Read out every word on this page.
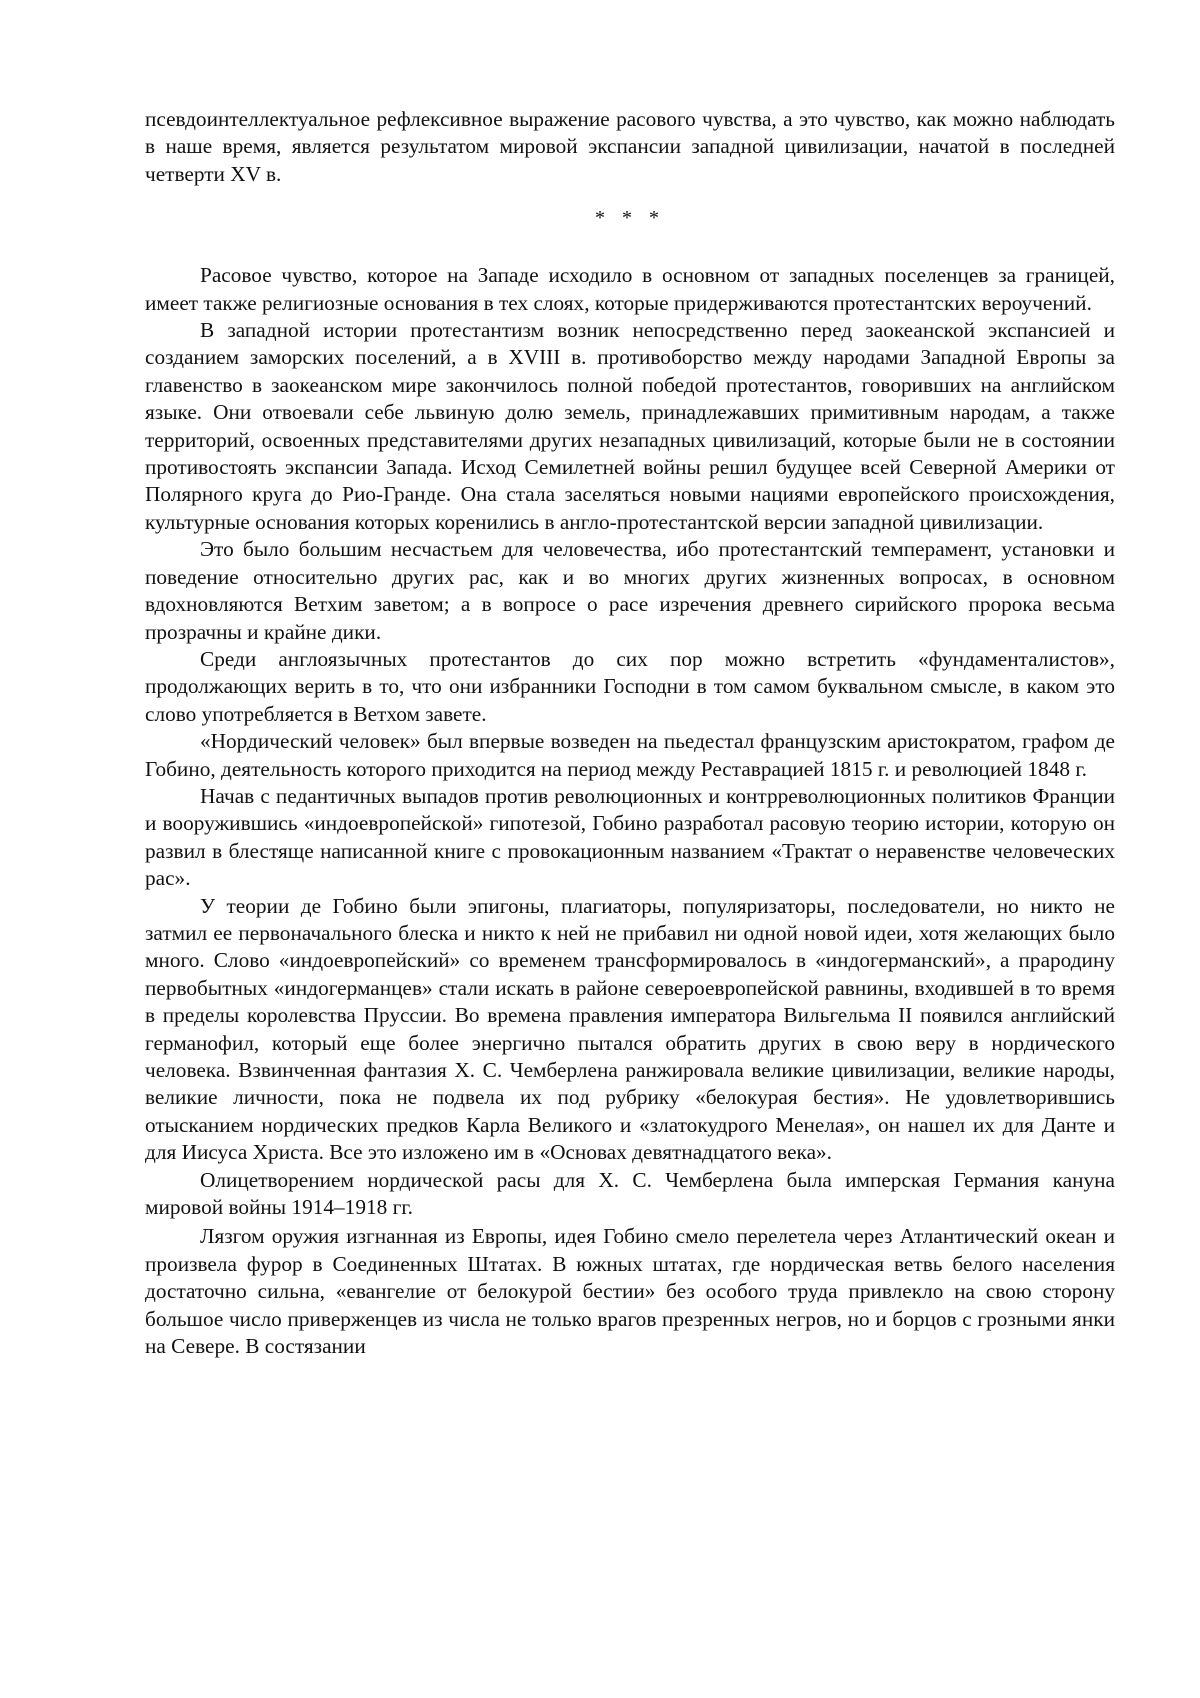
псевдоинтеллектуальное рефлексивное выражение расового чувства, а это чувство, как можно наблюдать в наше время, является результатом мировой экспансии западной цивилизации, начатой в последней четверти XV в.

* * *

Расовое чувство, которое на Западе исходило в основном от западных поселенцев за границей, имеет также религиозные основания в тех слоях, которые придерживаются протестантских вероучений.

В западной истории протестантизм возник непосредственно перед заокеанской экспансией и созданием заморских поселений, а в XVIII в. противоборство между народами Западной Европы за главенство в заокеанском мире закончилось полной победой протестантов, говоривших на английском языке. Они отвоевали себе львиную долю земель, принадлежавших примитивным народам, а также территорий, освоенных представителями других незападных цивилизаций, которые были не в состоянии противостоять экспансии Запада. Исход Семилетней войны решил будущее всей Северной Америки от Полярного круга до Рио-Гранде. Она стала заселяться новыми нациями европейского происхождения, культурные основания которых коренились в англо-протестантской версии западной цивилизации.

Это было большим несчастьем для человечества, ибо протестантский темперамент, установки и поведение относительно других рас, как и во многих других жизненных вопросах, в основном вдохновляются Ветхим заветом; а в вопросе о расе изречения древнего сирийского пророка весьма прозрачны и крайне дики.

Среди англоязычных протестантов до сих пор можно встретить «фундаменталистов», продолжающих верить в то, что они избранники Господни в том самом буквальном смысле, в каком это слово употребляется в Ветхом завете.

«Нордический человек» был впервые возведен на пьедестал французским аристократом, графом де Гобино, деятельность которого приходится на период между Реставрацией 1815 г. и революцией 1848 г.

Начав с педантичных выпадов против революционных и контрреволюционных политиков Франции и вооружившись «индоевропейской» гипотезой, Гобино разработал расовую теорию истории, которую он развил в блестяще написанной книге с провокационным названием «Трактат о неравенстве человеческих рас».

У теории де Гобино были эпигоны, плагиаторы, популяризаторы, последователи, но никто не затмил ее первоначального блеска и никто к ней не прибавил ни одной новой идеи, хотя желающих было много. Слово «индоевропейский» со временем трансформировалось в «индогерманский», а прародину первобытных «индогерманцев» стали искать в районе североевропейской равнины, входившей в то время в пределы королевства Пруссии. Во времена правления императора Вильгельма II появился английский германофил, который еще более энергично пытался обратить других в свою веру в нордического человека. Взвинченная фантазия Х. С. Чемберлена ранжировала великие цивилизации, великие народы, великие личности, пока не подвела их под рубрику «белокурая бестия». Не удовлетворившись отысканием нордических предков Карла Великого и «златокудрого Менелая», он нашел их для Данте и для Иисуса Христа. Все это изложено им в «Основах девятнадцатого века».

Олицетворением нордической расы для Х. С. Чемберлена была имперская Германия кануна мировой войны 1914–1918 гг.

Лязгом оружия изгнанная из Европы, идея Гобино смело перелетела через Атлантический океан и произвела фурор в Соединенных Штатах. В южных штатах, где нордическая ветвь белого населения достаточно сильна, «евангелие от белокурой бестии» без особого труда привлекло на свою сторону большое число приверженцев из числа не только врагов презренных негров, но и борцов с грозными янки на Севере. В состязании
